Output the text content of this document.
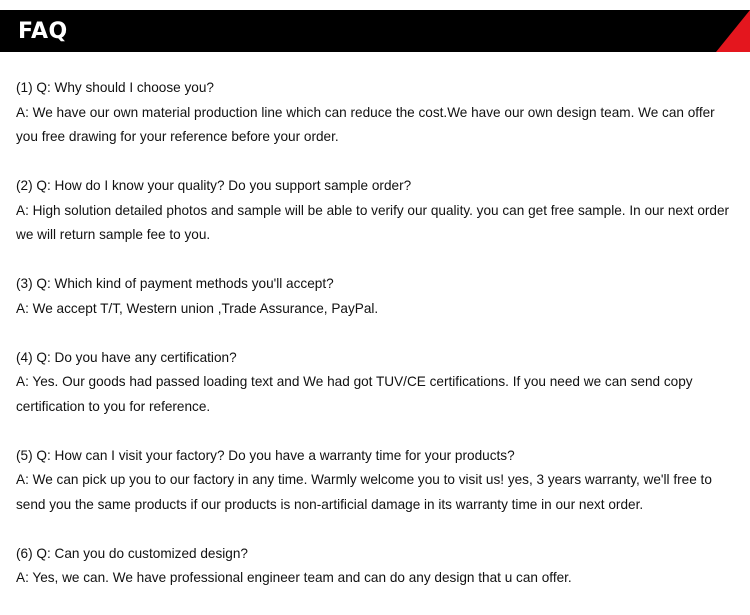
FAQ

(1) Q: Why should I choose you?

A: We have our own material production line which can reduce the cost.We have our own design team. We can offer you free drawing for your reference before your order.

(2) Q: How do I know your quality? Do you support sample order?

A: High solution detailed photos and sample will be able to verify our quality. you can get free sample. In our next order we will return sample fee to you.

(3) Q: Which kind of payment methods you'll accept?

A: We accept T/T, Western union ,Trade Assurance, PayPal.

(4) Q: Do you have any certification?

A: Yes. Our goods had passed loading text and We had got TUV/CE certifications. If you need we can send copy certification to you for reference.

(5) Q: How can I visit your factory? Do you have a warranty time for your products?

A: We can pick up you to our factory in any time. Warmly welcome you to visit us! yes, 3 years warranty, we'll free to send you the same products if our products is non-artificial damage in its warranty time in our next order.

(6) Q: Can you do customized design?

A: Yes, we can. We have professional engineer team and can do any design that u can offer.
